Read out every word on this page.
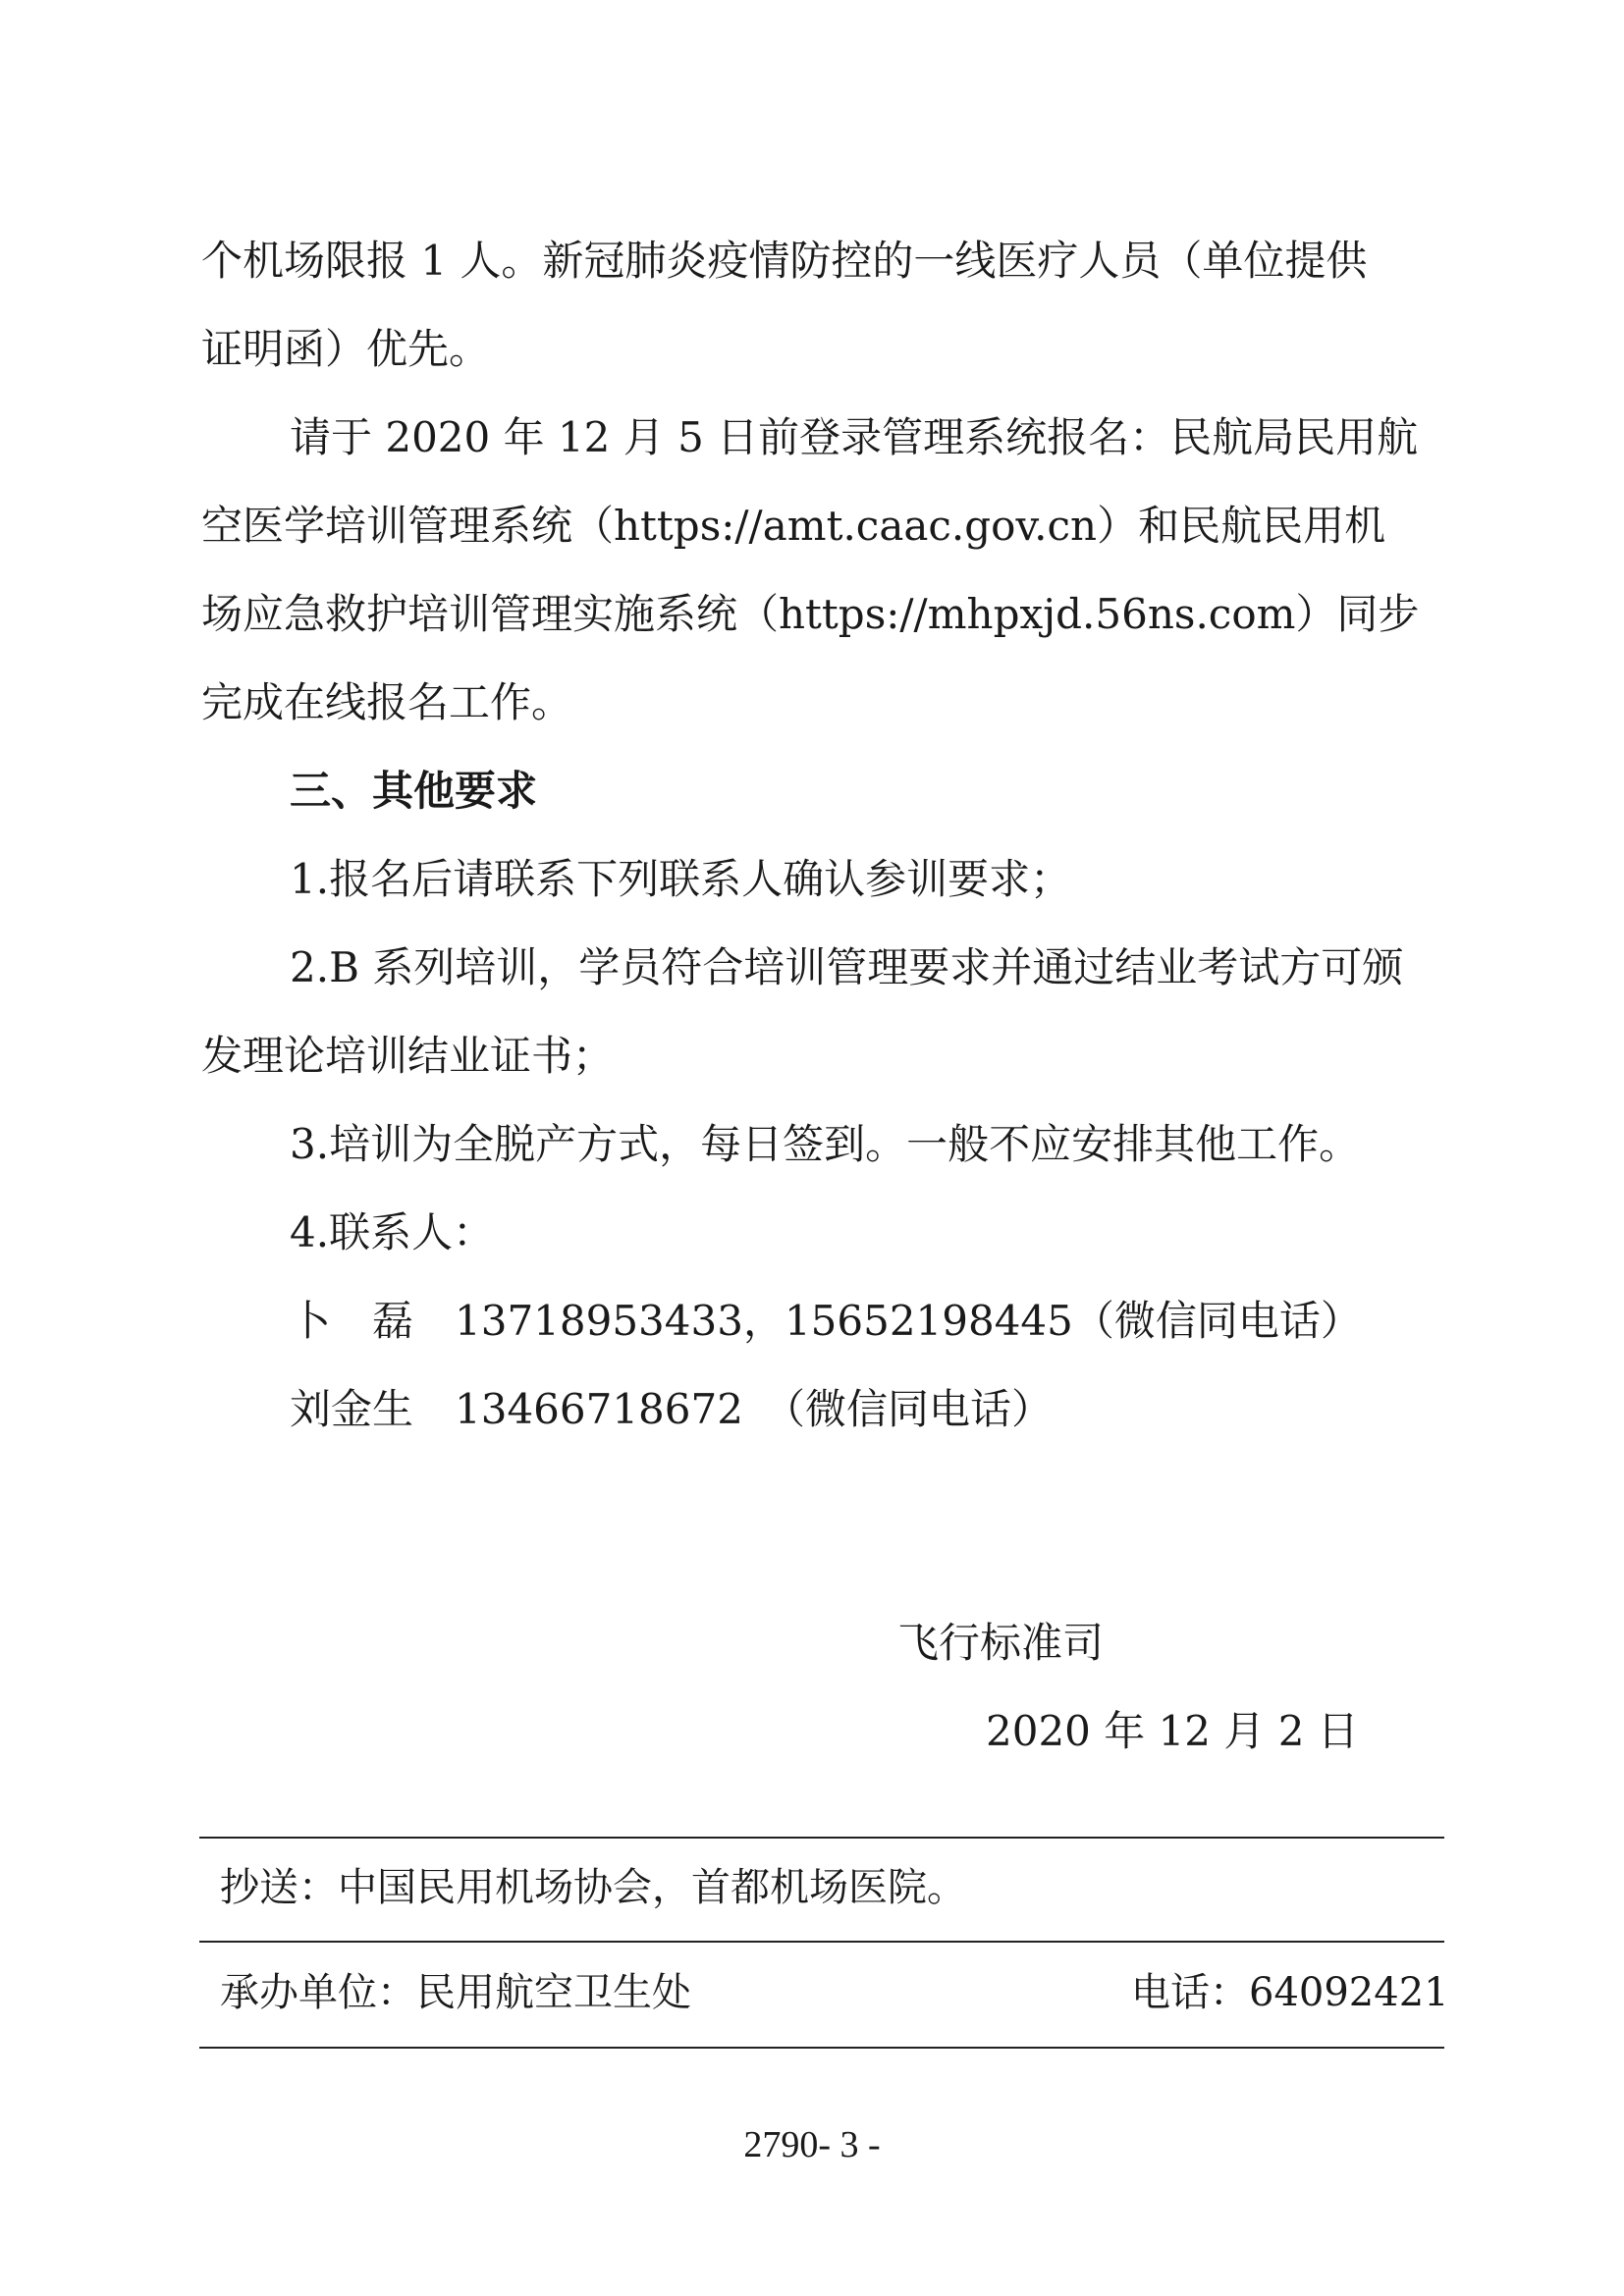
个机场限报 1 人。新冠肺炎疫情防控的一线医疗人员（单位提供
证明函）优先。
请于 2020 年 12 月 5 日前登录管理系统报名：民航局民用航
空医学培训管理系统（https://amt.caac.gov.cn）和民航民用机
场应急救护培训管理实施系统（https://mhpxjd.56ns.com）同步
完成在线报名工作。
三、其他要求
1.报名后请联系下列联系人确认参训要求；
2.B 系列培训，学员符合培训管理要求并通过结业考试方可颁
发理论培训结业证书；
3.培训为全脱产方式，每日签到。一般不应安排其他工作。
4.联系人：
卜　磊　13718953433，15652198445（微信同电话）
刘金生　13466718672　（微信同电话）
飞行标准司
2020 年 12 月 2 日
抄送：中国民用机场协会，首都机场医院。
承办单位：民用航空卫生处	电话：64092421
2790- 3 -
